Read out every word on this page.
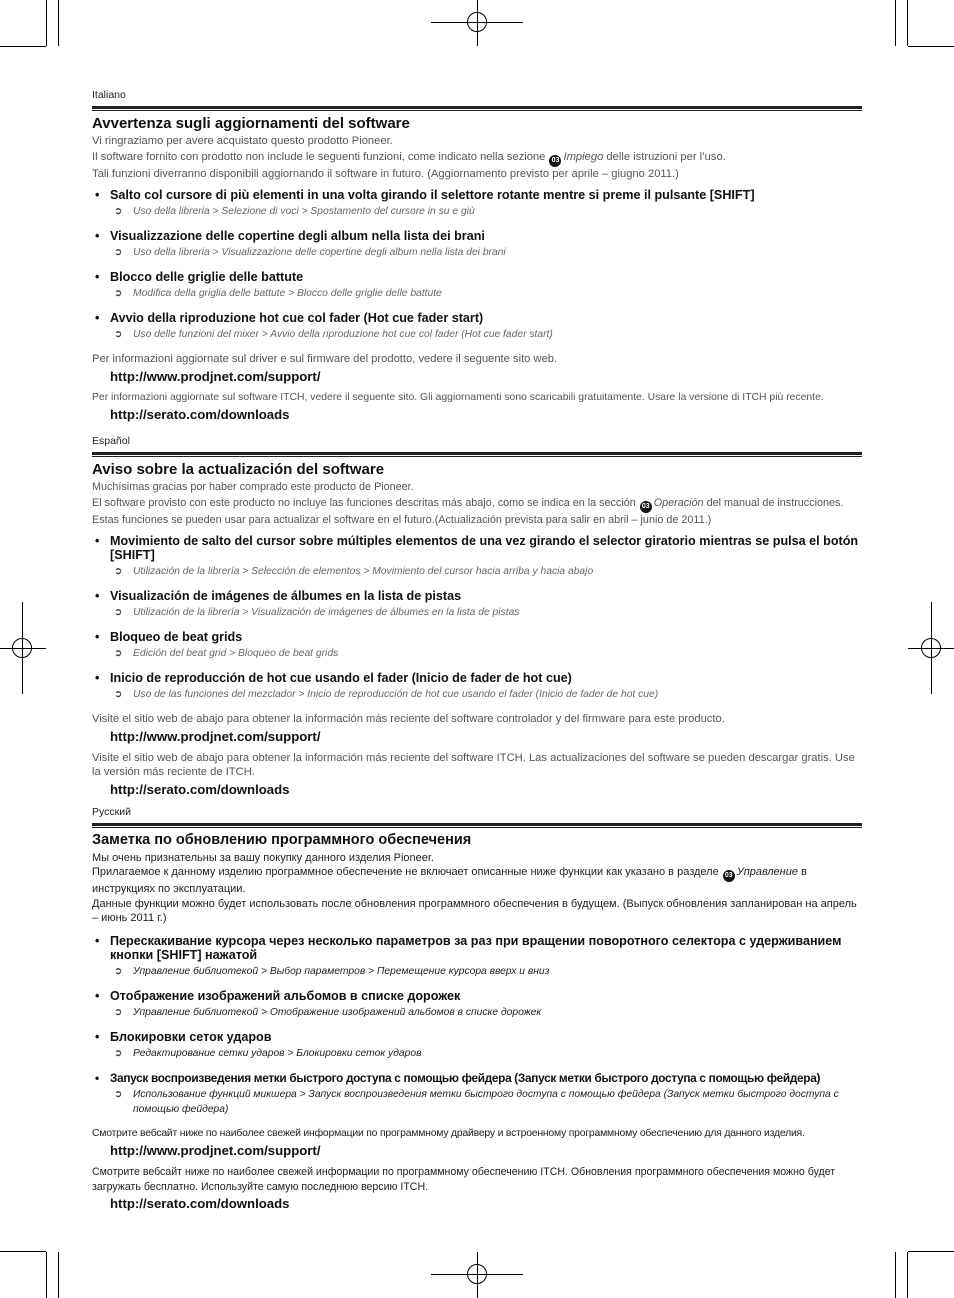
Italiano
Avvertenza sugli aggiornamenti del software

Vi ringraziamo per avere acquistato questo prodotto Pioneer.

Il software fornito con prodotto non include le seguenti funzioni, come indicato nella sezione 03 Impiego delle istruzioni per l’uso.

Tali funzioni diverranno disponibili aggiornando il software in futuro. (Aggiornamento previsto per aprile – giugno 2011.)

• Salto col cursore di più elementi in una volta girando il selettore rotante mentre si preme il pulsante [SHIFT]
➲ Uso della libreria > Selezione di voci > Spostamento del cursore in su e giù
• Visualizzazione delle copertine degli album nella lista dei brani
➲ Uso della libreria > Visualizzazione delle copertine degli album nella lista dei brani
• Blocco delle griglie delle battute
➲ Modifica della griglia delle battute > Blocco delle griglie delle battute
• Avvio della riproduzione hot cue col fader (Hot cue fader start)
➲ Uso delle funzioni del mixer > Avvio della riproduzione hot cue col fader (Hot cue fader start)
Per informazioni aggiornate sul driver e sul firmware del prodotto, vedere il seguente sito web.
http://www.prodjnet.com/support/
Per informazioni aggiornate sul software ITCH, vedere il seguente sito. Gli aggiornamenti sono scaricabili gratuitamente. Usare la versione di ITCH più recente.
http://serato.com/downloads
Español
Aviso sobre la actualización del software

Muchísimas gracias por haber comprado este producto de Pioneer.

El software provisto con este producto no incluye las funciones descritas más abajo, como se indica en la sección 03 Operación del manual de instrucciones.

Estas funciones se pueden usar para actualizar el software en el futuro.(Actualización prevista para salir en abril – junio de 2011.)

• Movimiento de salto del cursor sobre múltiples elementos de una vez girando el selector giratorio mientras se pulsa el botón [SHIFT]
➲ Utilización de la librería > Selección de elementos > Movimiento del cursor hacia arriba y hacia abajo
• Visualización de imágenes de álbumes en la lista de pistas
➲ Utilización de la librería > Visualización de imágenes de álbumes en la lista de pistas
• Bloqueo de beat grids
➲ Edición del beat grid > Bloqueo de beat grids
• Inicio de reproducción de hot cue usando el fader (Inicio de fader de hot cue)
➲ Uso de las funciones del mezclador > Inicio de reproducción de hot cue usando el fader (Inicio de fader de hot cue)
Visite el sitio web de abajo para obtener la información más reciente del software controlador y del firmware para este producto.
http://www.prodjnet.com/support/
Visite el sitio web de abajo para obtener la información más reciente del software ITCH. Las actualizaciones del software se pueden descargar gratis. Use la versión más reciente de ITCH.
http://serato.com/downloads
Русский
Заметка по обновлению программного обеспечения

Мы очень признательны за вашу покупку данного изделия Pioneer.

Прилагаемое к данному изделию программное обеспечение не включает описанные ниже функции как указано в разделе 03 Управление в инструкциях по эксплуатации.

Данные функции можно будет использовать после обновления программного обеспечения в будущем. (Выпуск обновления запланирован на апрель – июнь 2011 г.)

• Перескакивание курсора через несколько параметров за раз при вращении поворотного селектора с удерживанием кнопки [SHIFT] нажатой
➲ Управление библиотекой > Выбор параметров > Перемещение курсора вверх и вниз
• Отображение изображений альбомов в списке дорожек
➲ Управление библиотекой > Отображение изображений альбомов в списке дорожек
• Блокировки сеток ударов
➲ Редактирование сетки ударов > Блокировки сеток ударов
• Запуск воспроизведения метки быстрого доступа с помощью фейдера (Запуск метки быстрого доступа с помощью фейдера)
➲ Использование функций микшера > Запуск воспроизведения метки быстрого доступа с помощью фейдера (Запуск метки быстрого доступа с помощью фейдера)
Смотрите вебсайт ниже по наиболее свежей информации по программному драйверу и встроенному программному обеспечению для данного изделия.
http://www.prodjnet.com/support/
Смотрите вебсайт ниже по наиболее свежей информации по программному обеспечению ITCH. Обновления программного обеспечения можно будет загружать бесплатно. Используйте самую последнюю версию ITCH.
http://serato.com/downloads
